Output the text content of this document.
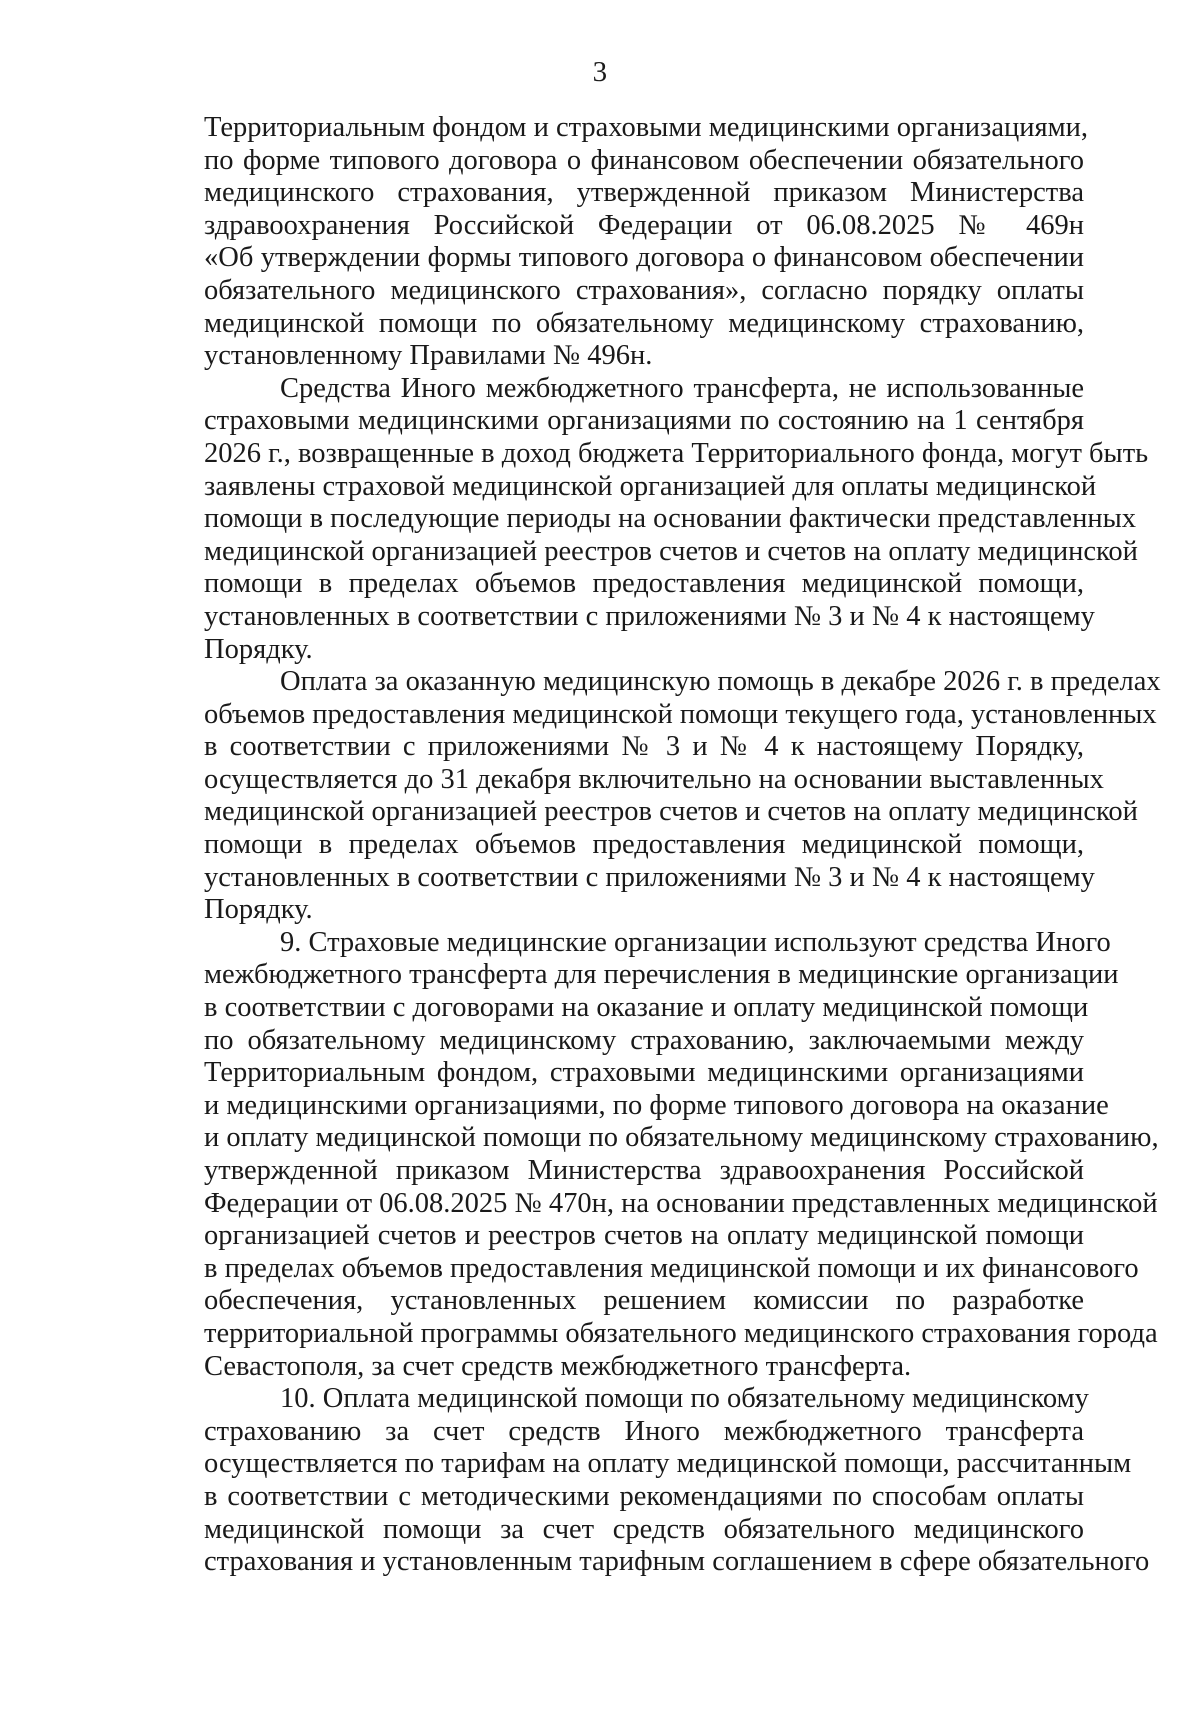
3
Территориальным фондом и страховыми медицинскими организациями,
по форме типового договора о финансовом обеспечении обязательного
медицинского страхования, утвержденной приказом Министерства
здравоохранения Российской Федерации от 06.08.2025 № 469н
«Об утверждении формы типового договора о финансовом обеспечении
обязательного медицинского страхования», согласно порядку оплаты
медицинской помощи по обязательному медицинскому страхованию,
установленному Правилами № 496н.
Средства Иного межбюджетного трансферта, не использованные
страховыми медицинскими организациями по состоянию на 1 сентября
2026 г., возвращенные в доход бюджета Территориального фонда, могут быть
заявлены страховой медицинской организацией для оплаты медицинской
помощи в последующие периоды на основании фактически представленных
медицинской организацией реестров счетов и счетов на оплату медицинской
помощи в пределах объемов предоставления медицинской помощи,
установленных в соответствии с приложениями № 3 и № 4 к настоящему
Порядку.
Оплата за оказанную медицинскую помощь в декабре 2026 г. в пределах
объемов предоставления медицинской помощи текущего года, установленных
в соответствии с приложениями № 3 и № 4 к настоящему Порядку,
осуществляется до 31 декабря включительно на основании выставленных
медицинской организацией реестров счетов и счетов на оплату медицинской
помощи в пределах объемов предоставления медицинской помощи,
установленных в соответствии с приложениями № 3 и № 4 к настоящему
Порядку.
9. Страховые медицинские организации используют средства Иного
межбюджетного трансферта для перечисления в медицинские организации
в соответствии с договорами на оказание и оплату медицинской помощи
по обязательному медицинскому страхованию, заключаемыми между
Территориальным фондом, страховыми медицинскими организациями
и медицинскими организациями, по форме типового договора на оказание
и оплату медицинской помощи по обязательному медицинскому страхованию,
утвержденной приказом Министерства здравоохранения Российской
Федерации от 06.08.2025 № 470н, на основании представленных медицинской
организацией счетов и реестров счетов на оплату медицинской помощи
в пределах объемов предоставления медицинской помощи и их финансового
обеспечения, установленных решением комиссии по разработке
территориальной программы обязательного медицинского страхования города
Севастополя, за счет средств межбюджетного трансферта.
10. Оплата медицинской помощи по обязательному медицинскому
страхованию за счет средств Иного межбюджетного трансферта
осуществляется по тарифам на оплату медицинской помощи, рассчитанным
в соответствии с методическими рекомендациями по способам оплаты
медицинской помощи за счет средств обязательного медицинского
страхования и установленным тарифным соглашением в сфере обязательного
